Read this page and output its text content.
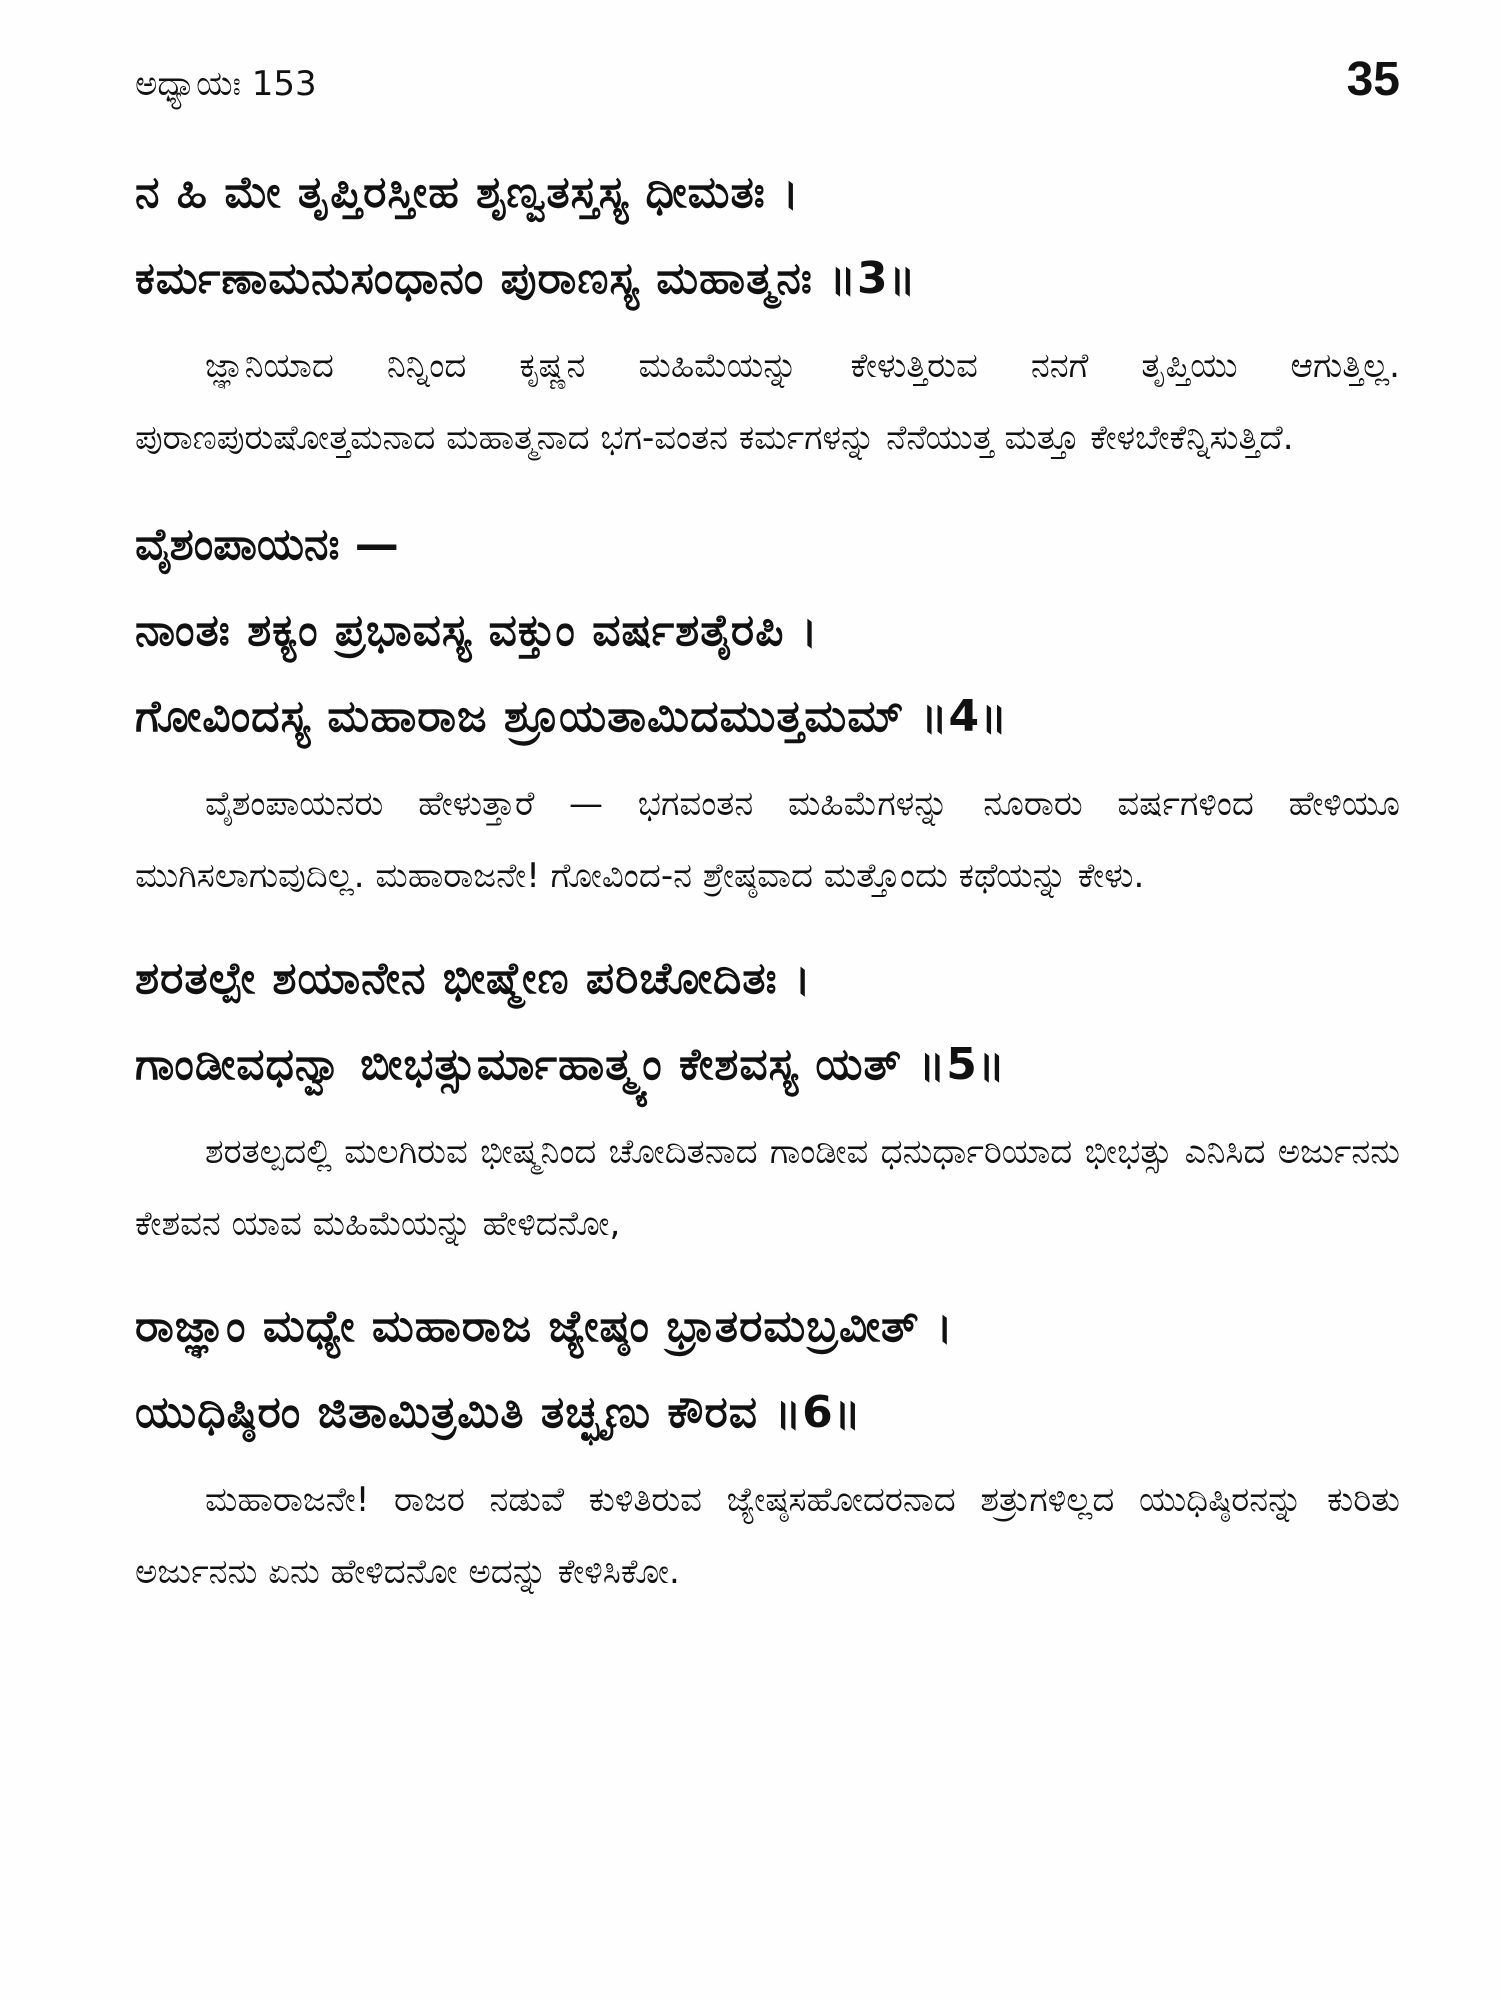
ಅಧ್ಯಾಯಃ 153	35
ನ ಹಿ ಮೇ ತೃಪ್ತಿರಸ್ತೀಹ ಶೃಣ್ವತಸ್ತಸ್ಯ ಧೀಮತಃ ।
ಕರ್ಮಣಾಮನುಸಂಧಾನಂ ಪುರಾಣಸ್ಯ ಮಹಾತ್ಮನಃ ॥3॥
ಜ್ಞಾನಿಯಾದ ನಿನ್ನಿಂದ ಕೃಷ್ಣನ ಮಹಿಮೆಯನ್ನು ಕೇಳುತ್ತಿರುವ ನನಗೆ ತೃಪ್ತಿಯು ಆಗುತ್ತಿಲ್ಲ. ಪುರಾಣಪುರುಷೋತ್ತಮನಾದ ಮಹಾತ್ಮನಾದ ಭಗ-ವಂತನ ಕರ್ಮಗಳನ್ನು ನೆನೆಯುತ್ತ ಮತ್ತೂ ಕೇಳಬೇಕೆನ್ನಿಸುತ್ತಿದೆ.
ವೈಶಂಪಾಯನಃ —
ನಾಂತಃ ಶಕ್ಯಂ ಪ್ರಭಾವಸ್ಯ ವಕ್ತುಂ ವರ್ಷಶತೈರಪಿ ।
ಗೋವಿಂದಸ್ಯ ಮಹಾರಾಜ ಶ್ರೂಯತಾಮಿದಮುತ್ತಮಮ್ ॥4॥
ವೈಶಂಪಾಯನರು ಹೇಳುತ್ತಾರೆ — ಭಗವಂತನ ಮಹಿಮೆಗಳನ್ನು ನೂರಾರು ವರ್ಷಗಳಿಂದ ಹೇಳಿಯೂ ಮುಗಿಸಲಾಗುವುದಿಲ್ಲ. ಮಹಾರಾಜನೇ! ಗೋವಿಂದ-ನ ಶ್ರೇಷ್ಠವಾದ ಮತ್ತೊಂದು ಕಥೆಯನ್ನು ಕೇಳು.
ಶರತಲ್ಪೇ ಶಯಾನೇನ ಭೀಷ್ಮೇಣ ಪರಿಚೋದಿತಃ ।
ಗಾಂಡೀವಧನ್ವಾ ಬೀಭತ್ಸುರ್ಮಾಹಾತ್ಮ್ಯಂ ಕೇಶವಸ್ಯ ಯತ್ ॥5॥
ಶರತಲ್ಪದಲ್ಲಿ ಮಲಗಿರುವ ಭೀಷ್ಮನಿಂದ ಚೋದಿತನಾದ ಗಾಂಡೀವ ಧನುರ್ಧಾರಿಯಾದ ಭೀಭತ್ಸು ಎನಿಸಿದ ಅರ್ಜುನನು ಕೇಶವನ ಯಾವ ಮಹಿಮೆಯನ್ನು ಹೇಳಿದನೋ,
ರಾಜ್ಞಾಂ ಮಧ್ಯೇ ಮಹಾರಾಜ ಜ್ಯೇಷ್ಠಂ ಭ್ರಾತರಮಬ್ರವೀತ್ ।
ಯುಧಿಷ್ಠಿರಂ ಜಿತಾಮಿತ್ರಮಿತಿ ತಚ್ಛೃಣು ಕೌರವ ॥6॥
ಮಹಾರಾಜನೇ! ರಾಜರ ನಡುವೆ ಕುಳಿತಿರುವ ಜ್ಯೇಷ್ಠಸಹೋದರನಾದ ಶತ್ರುಗಳಿಲ್ಲದ ಯುಧಿಷ್ಠಿರನನ್ನು ಕುರಿತು ಅರ್ಜುನನು ಏನು ಹೇಳಿದನೋ ಅದನ್ನು ಕೇಳಿಸಿಕೋ.
